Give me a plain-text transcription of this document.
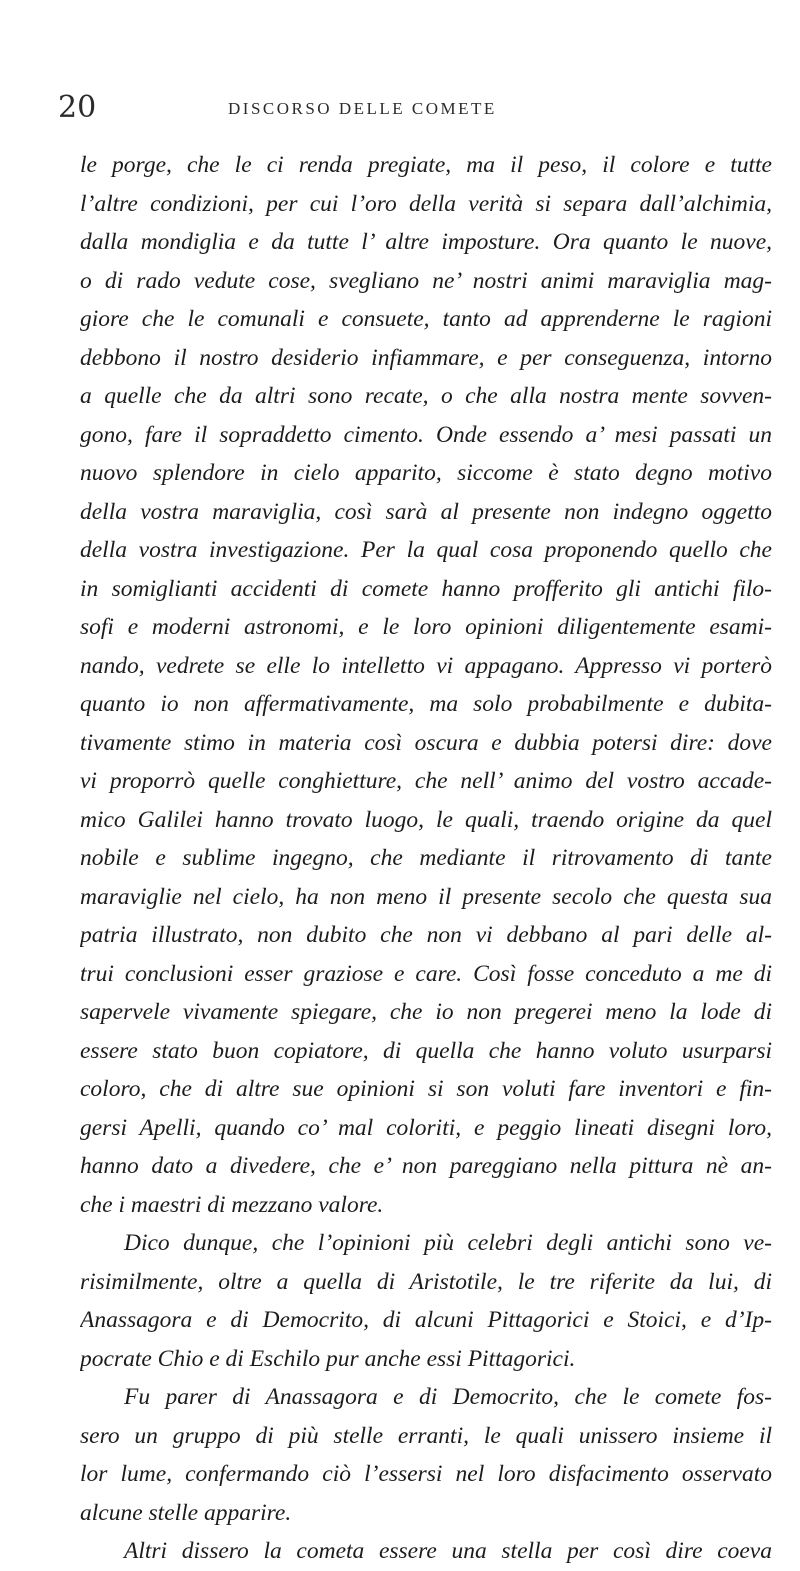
20	DISCORSO DELLE COMETE
le porge, che le ci renda pregiate, ma il peso, il colore e tutte
l’altre condizioni, per cui l’oro della verità si separa dall’alchimia,
dalla mondiglia e da tutte l’ altre imposture. Ora quanto le nuove,
o di rado vedute cose, svegliano ne’ nostri animi maraviglia mag-
giore che le comunali e consuete, tanto ad apprenderne le ragioni
debbono il nostro desiderio infiammare, e per conseguenza, intorno
a quelle che da altri sono recate, o che alla nostra mente sovven-
gono, fare il sopraddetto cimento. Onde essendo a’ mesi passati un
nuovo splendore in cielo apparito, siccome è stato degno motivo
della vostra maraviglia, così sarà al presente non indegno oggetto
della vostra investigazione. Per la qual cosa proponendo quello che
in somiglianti accidenti di comete hanno profferito gli antichi filo-
sofi e moderni astronomi, e le loro opinioni diligentemente esami-
nando, vedrete se elle lo intelletto vi appagano. Appresso vi porterò
quanto io non affermativamente, ma solo probabilmente e dubita-
tivamente stimo in materia così oscura e dubbia potersi dire: dove
vi proporrò quelle conghietture, che nell’ animo del vostro accade-
mico Galilei hanno trovato luogo, le quali, traendo origine da quel
nobile e sublime ingegno, che mediante il ritrovamento di tante
maraviglie nel cielo, ha non meno il presente secolo che questa sua
patria illustrato, non dubito che non vi debbano al pari delle al-
trui conclusioni esser graziose e care. Così fosse conceduto a me di
sapervele vivamente spiegare, che io non pregerei meno la lode di
essere stato buon copiatore, di quella che hanno voluto usurparsi
coloro, che di altre sue opinioni si son voluti fare inventori e fin-
gersi Apelli, quando co’ mal coloriti, e peggio lineati disegni loro,
hanno dato a divedere, che e’ non pareggiano nella pittura nè an-
che i maestri di mezzano valore.
Dico dunque, che l’opinioni più celebri degli antichi sono ve-
risimilmente, oltre a quella di Aristotile, le tre riferite da lui, di
Anassagora e di Democrito, di alcuni Pittagorici e Stoici, e d’Ip-
pocrate Chio e di Eschilo pur anche essi Pittagorici.
Fu parer di Anassagora e di Democrito, che le comete fos-
sero un gruppo di più stelle erranti, le quali unissero insieme il
lor lume, confermando ciò l’essersi nel loro disfacimento osservato
alcune stelle apparire.
Altri dissero la cometa essere una stella per così dire coeva
